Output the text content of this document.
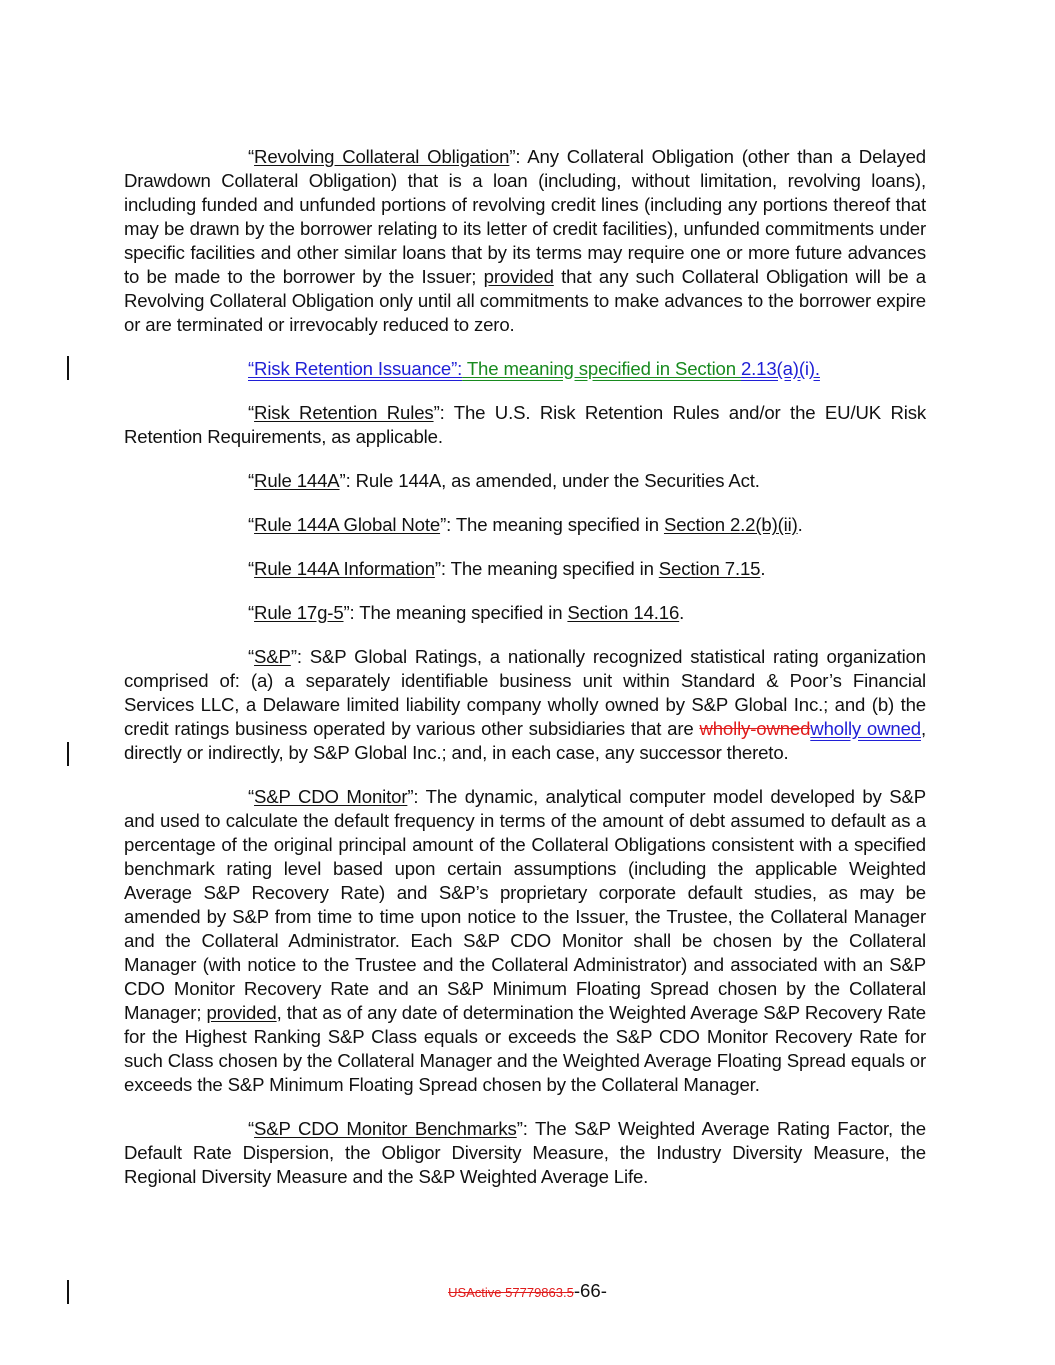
“Revolving Collateral Obligation”: Any Collateral Obligation (other than a Delayed Drawdown Collateral Obligation) that is a loan (including, without limitation, revolving loans), including funded and unfunded portions of revolving credit lines (including any portions thereof that may be drawn by the borrower relating to its letter of credit facilities), unfunded commitments under specific facilities and other similar loans that by its terms may require one or more future advances to be made to the borrower by the Issuer; provided that any such Collateral Obligation will be a Revolving Collateral Obligation only until all commitments to make advances to the borrower expire or are terminated or irrevocably reduced to zero.

“Risk Retention Issuance”: The meaning specified in Section 2.13(a)(i).

“Risk Retention Rules”: The U.S. Risk Retention Rules and/or the EU/UK Risk Retention Requirements, as applicable.

“Rule 144A”: Rule 144A, as amended, under the Securities Act.

“Rule 144A Global Note”: The meaning specified in Section 2.2(b)(ii).

“Rule 144A Information”: The meaning specified in Section 7.15.

“Rule 17g-5”: The meaning specified in Section 14.16.

“S&P”: S&P Global Ratings, a nationally recognized statistical rating organization comprised of: (a) a separately identifiable business unit within Standard & Poor’s Financial Services LLC, a Delaware limited liability company wholly owned by S&P Global Inc.; and (b) the credit ratings business operated by various other subsidiaries that are wholly-ownedwholly owned, directly or indirectly, by S&P Global Inc.; and, in each case, any successor thereto.

“S&P CDO Monitor”: The dynamic, analytical computer model developed by S&P and used to calculate the default frequency in terms of the amount of debt assumed to default as a percentage of the original principal amount of the Collateral Obligations consistent with a specified benchmark rating level based upon certain assumptions (including the applicable Weighted Average S&P Recovery Rate) and S&P’s proprietary corporate default studies, as may be amended by S&P from time to time upon notice to the Issuer, the Trustee, the Collateral Manager and the Collateral Administrator. Each S&P CDO Monitor shall be chosen by the Collateral Manager (with notice to the Trustee and the Collateral Administrator) and associated with an S&P CDO Monitor Recovery Rate and an S&P Minimum Floating Spread chosen by the Collateral Manager; provided, that as of any date of determination the Weighted Average S&P Recovery Rate for the Highest Ranking S&P Class equals or exceeds the S&P CDO Monitor Recovery Rate for such Class chosen by the Collateral Manager and the Weighted Average Floating Spread equals or exceeds the S&P Minimum Floating Spread chosen by the Collateral Manager.

“S&P CDO Monitor Benchmarks”: The S&P Weighted Average Rating Factor, the Default Rate Dispersion, the Obligor Diversity Measure, the Industry Diversity Measure, the Regional Diversity Measure and the S&P Weighted Average Life.

USActive 57779863.5-66-
